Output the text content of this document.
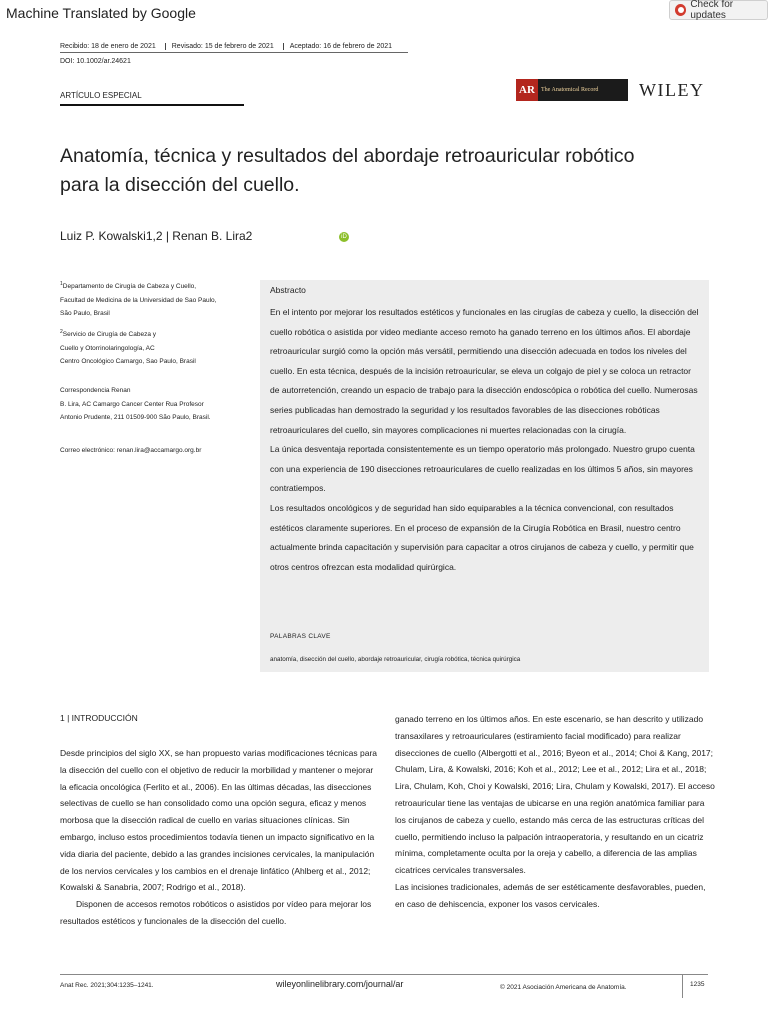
Machine Translated by Google
Check for updates
Recibido: 18 de enero de 2021	Revisado: 15 de febrero de 2021	Aceptado: 16 de febrero de 2021
DOI: 10.1002/ar.24621
ARTÍCULO ESPECIAL	AR	The Anatomical Record	WILEY
Anatomía, técnica y resultados del abordaje retroauricular robótico para la disección del cuello.
Luiz P. Kowalski1,2 | Renan B. Lira2	iD
$^1$Departamento de Cirugía de Cabeza y Cuello,
Facultad de Medicina de la Universidad de Sao Paulo,
São Paulo, Brasil
$^2$Servicio de Cirugía de Cabeza y
Cuello y Otorrinolaringología, AC
Centro Oncológico Camargo, Sao Paulo, Brasil
Correspondencia Renan
B. Lira, AC Camargo Cancer Center Rua Profesor
Antonio Prudente, 211 01509-900 São Paulo, Brasil.
Correo electrónico: renan.lira@accamargo.org.br
Abstracto

En el intento por mejorar los resultados estéticos y funcionales en las cirugías de cabeza y cuello, la disección del cuello robótica o asistida por video mediante acceso remoto ha ganado terreno en los últimos años. El abordaje retroauricular surgió como la opción más versátil, permitiendo una disección adecuada en todos los niveles del cuello. En esta técnica, después de la incisión retroauricular, se eleva un colgajo de piel y se coloca un retractor de autorretención, creando un espacio de trabajo para la disección endoscópica o robótica del cuello. Numerosas series publicadas han demostrado la seguridad y los resultados favorables de las disecciones robóticas retroauriculares del cuello, sin mayores complicaciones ni muertes relacionadas con la cirugía.

La única desventaja reportada consistentemente es un tiempo operatorio más prolongado. Nuestro grupo cuenta con una experiencia de 190 disecciones retroauriculares de cuello realizadas en los últimos 5 años, sin mayores contratiempos.

Los resultados oncológicos y de seguridad han sido equiparables a la técnica convencional, con resultados estéticos claramente superiores. En el proceso de expansión de la Cirugía Robótica en Brasil, nuestro centro actualmente brinda capacitación y supervisión para capacitar a otros cirujanos de cabeza y cuello, y permitir que otros centros ofrezcan esta modalidad quirúrgica.

PALABRAS CLAVE
anatomía, disección del cuello, abordaje retroauricular, cirugía robótica, técnica quirúrgica
1 | INTRODUCCIÓN

Desde principios del siglo XX, se han propuesto varias modificaciones técnicas para la disección del cuello con el objetivo de reducir la morbilidad y mantener o mejorar la eficacia oncológica (Ferlito et al., 2006). En las últimas décadas, las disecciones selectivas de cuello se han consolidado como una opción segura, eficaz y menos morbosa que la disección radical de cuello en varias situaciones clínicas. Sin embargo, incluso estos procedimientos todavía tienen un impacto significativo en la vida diaria del paciente, debido a las grandes incisiones cervicales, la manipulación de los nervios cervicales y los cambios en el drenaje linfático (Ahlberg et al., 2012; Kowalski & Sanabria, 2007; Rodrigo et al., 2018).

Disponen de accesos remotos robóticos o asistidos por vídeo para mejorar los resultados estéticos y funcionales de la disección del cuello.

ganado terreno en los últimos años. En este escenario, se han descrito y utilizado transaxilares y retroauriculares (estiramiento facial modificado) para realizar disecciones de cuello (Albergotti et al., 2016; Byeon et al., 2014; Choi & Kang, 2017; Chulam, Lira, & Kowalski, 2016; Koh et al., 2012; Lee et al., 2012; Lira et al., 2018; Lira, Chulam, Koh, Choi y Kowalski, 2016; Lira, Chulam y Kowalski, 2017). El acceso retroauricular tiene las ventajas de ubicarse en una región anatómica familiar para los cirujanos de cabeza y cuello, estando más cerca de las estructuras críticas del cuello, permitiendo incluso la palpación intraoperatoria, y resultando en un cicatriz mínima, completamente oculta por la oreja y cabello, a diferencia de las amplias cicatrices cervicales transversales.

Las incisiones tradicionales, además de ser estéticamente desfavorables, pueden, en caso de dehiscencia, exponer los vasos cervicales.

Anat Rec. 2021;304:1235–1241.	wileyonlinelibrary.com/journal/ar	© 2021 Asociación Americana de Anatomía.	1235
